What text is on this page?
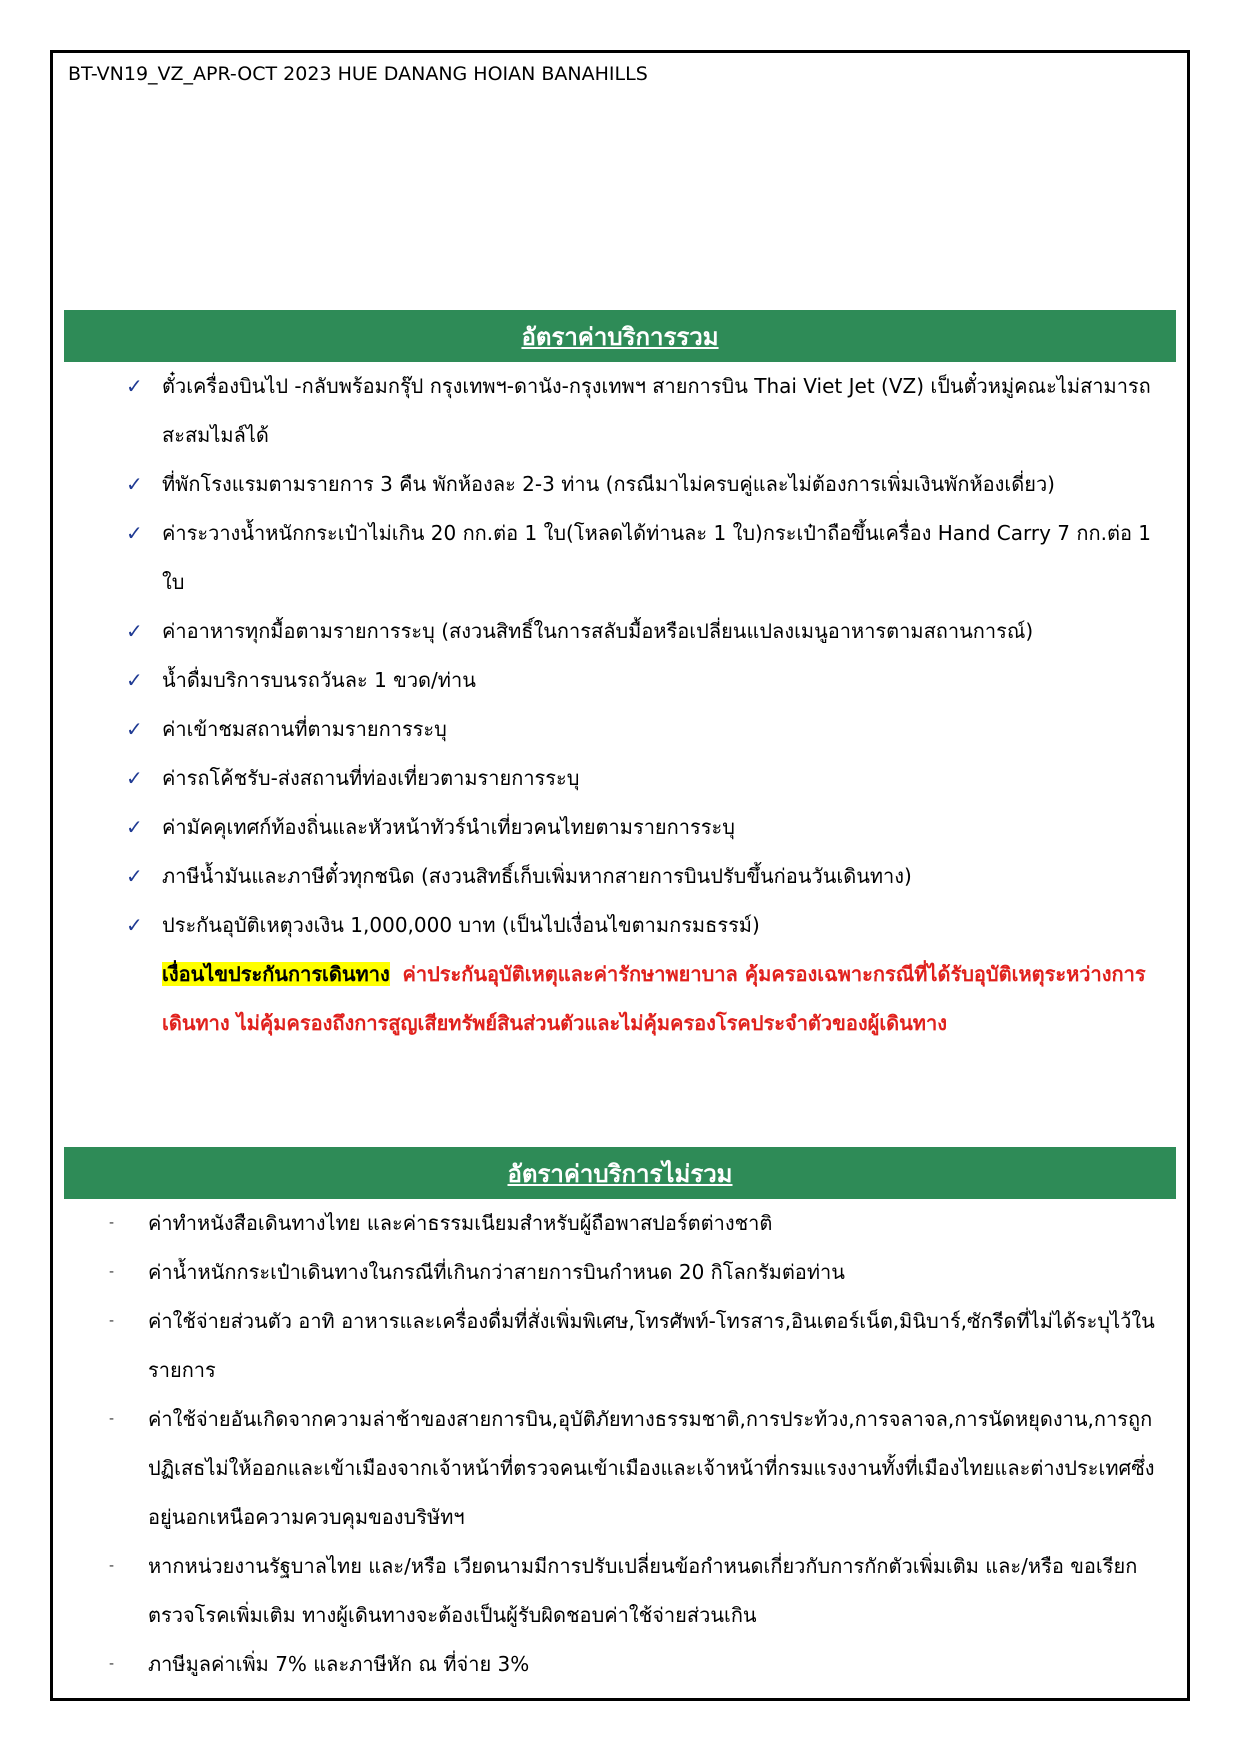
BT-VN19_VZ_APR-OCT 2023 HUE DANANG HOIAN BANAHILLS
อัตราค่าบริการรวม
✓ ตั๋วเครื่องบินไป -กลับพร้อมกรุ๊ป กรุงเทพฯ-ดานัง-กรุงเทพฯ สายการบิน Thai Viet Jet (VZ) เป็นตั๋วหมู่คณะไม่สามารถสะสมไมล์ได้
✓ ที่พักโรงแรมตามรายการ 3 คืน พักห้องละ 2-3 ท่าน (กรณีมาไม่ครบคู่และไม่ต้องการเพิ่มเงินพักห้องเดี่ยว)
✓ ค่าระวางน้ำหนักกระเป๋าไม่เกิน 20 กก.ต่อ 1 ใบ(โหลดได้ท่านละ 1 ใบ)กระเป๋าถือขึ้นเครื่อง Hand Carry 7 กก.ต่อ 1 ใบ
✓ ค่าอาหารทุกมื้อตามรายการระบุ (สงวนสิทธิ์ในการสลับมื้อหรือเปลี่ยนแปลงเมนูอาหารตามสถานการณ์)
✓ น้ำดื่มบริการบนรถวันละ 1 ขวด/ท่าน
✓ ค่าเข้าชมสถานที่ตามรายการระบุ
✓ ค่ารถโค้ชรับ-ส่งสถานที่ท่องเที่ยวตามรายการระบุ
✓ ค่ามัคคุเทศก์ท้องถิ่นและหัวหน้าทัวร์นำเที่ยวคนไทยตามรายการระบุ
✓ ภาษีน้ำมันและภาษีตั๋วทุกชนิด (สงวนสิทธิ์เก็บเพิ่มหากสายการบินปรับขึ้นก่อนวันเดินทาง)
✓ ประกันอุบัติเหตุวงเงิน 1,000,000 บาท (เป็นไปเงื่อนไขตามกรมธรรม์)
เงื่อนไขประกันการเดินทาง ค่าประกันอุบัติเหตุและค่ารักษาพยาบาล คุ้มครองเฉพาะกรณีที่ได้รับอุบัติเหตุระหว่างการเดินทาง ไม่คุ้มครองถึงการสูญเสียทรัพย์สินส่วนตัวและไม่คุ้มครองโรคประจำตัวของผู้เดินทาง
อัตราค่าบริการไม่รวม
- ค่าทำหนังสือเดินทางไทย และค่าธรรมเนียมสำหรับผู้ถือพาสปอร์ตต่างชาติ
- ค่าน้ำหนักกระเป๋าเดินทางในกรณีที่เกินกว่าสายการบินกำหนด 20 กิโลกรัมต่อท่าน
- ค่าใช้จ่ายส่วนตัว อาทิ อาหารและเครื่องดื่มที่สั่งเพิ่มพิเศษ,โทรศัพท์-โทรสาร,อินเตอร์เน็ต,มินิบาร์,ซักรีดที่ไม่ได้ระบุไว้ในรายการ
- ค่าใช้จ่ายอันเกิดจากความล่าช้าของสายการบิน,อุบัติภัยทางธรรมชาติ,การประท้วง,การจลาจล,การนัดหยุดงาน,การถูกปฏิเสธไม่ให้ออกและเข้าเมืองจากเจ้าหน้าที่ตรวจคนเข้าเมืองและเจ้าหน้าที่กรมแรงงานทั้งที่เมืองไทยและต่างประเทศซึ่งอยู่นอกเหนือความควบคุมของบริษัทฯ
- หากหน่วยงานรัฐบาลไทย และ/หรือ เวียดนามมีการปรับเปลี่ยนข้อกำหนดเกี่ยวกับการกักตัวเพิ่มเติม และ/หรือ ขอเรียกตรวจโรคเพิ่มเติม ทางผู้เดินทางจะต้องเป็นผู้รับผิดชอบค่าใช้จ่ายส่วนเกิน
- ภาษีมูลค่าเพิ่ม 7% และภาษีหัก ณ ที่จ่าย 3%
